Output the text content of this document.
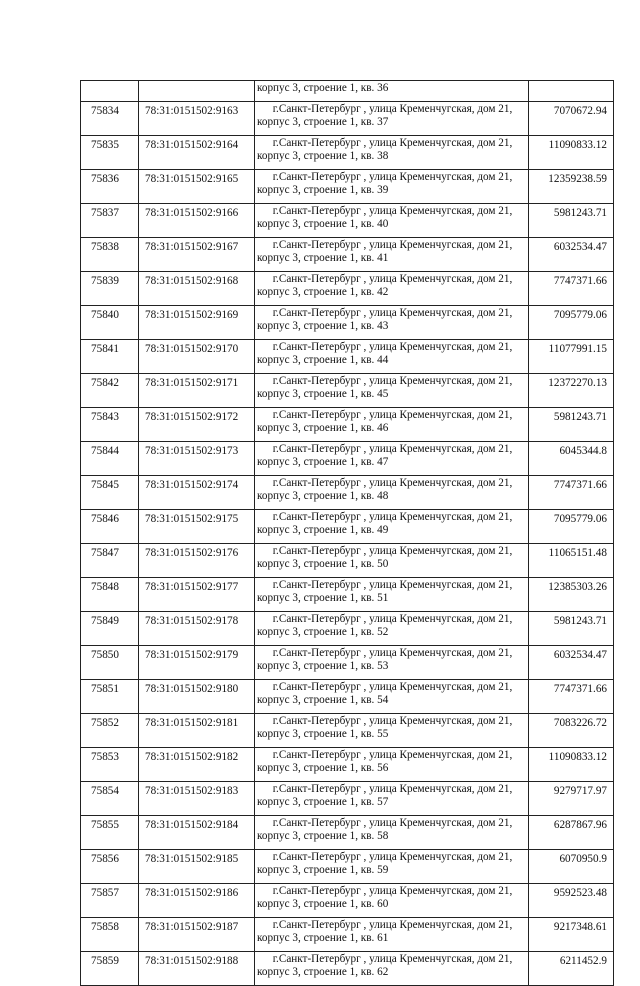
		корпус 3, строение 1, кв. 36	

75834	78:31:0151502:9163	г.Санкт-Петербург , улица Кременчугская, дом 21,
корпус 3, строение 1, кв. 37	7070672.94
75835	78:31:0151502:9164	г.Санкт-Петербург , улица Кременчугская, дом 21,
корпус 3, строение 1, кв. 38	11090833.12
75836	78:31:0151502:9165	г.Санкт-Петербург , улица Кременчугская, дом 21,
корпус 3, строение 1, кв. 39	12359238.59
75837	78:31:0151502:9166	г.Санкт-Петербург , улица Кременчугская, дом 21,
корпус 3, строение 1, кв. 40	5981243.71
75838	78:31:0151502:9167	г.Санкт-Петербург , улица Кременчугская, дом 21,
корпус 3, строение 1, кв. 41	6032534.47
75839	78:31:0151502:9168	г.Санкт-Петербург , улица Кременчугская, дом 21,
корпус 3, строение 1, кв. 42	7747371.66
75840	78:31:0151502:9169	г.Санкт-Петербург , улица Кременчугская, дом 21,
корпус 3, строение 1, кв. 43	7095779.06
75841	78:31:0151502:9170	г.Санкт-Петербург , улица Кременчугская, дом 21,
корпус 3, строение 1, кв. 44	11077991.15
75842	78:31:0151502:9171	г.Санкт-Петербург , улица Кременчугская, дом 21,
корпус 3, строение 1, кв. 45	12372270.13
75843	78:31:0151502:9172	г.Санкт-Петербург , улица Кременчугская, дом 21,
корпус 3, строение 1, кв. 46	5981243.71
75844	78:31:0151502:9173	г.Санкт-Петербург , улица Кременчугская, дом 21,
корпус 3, строение 1, кв. 47	6045344.8
75845	78:31:0151502:9174	г.Санкт-Петербург , улица Кременчугская, дом 21,
корпус 3, строение 1, кв. 48	7747371.66
75846	78:31:0151502:9175	г.Санкт-Петербург , улица Кременчугская, дом 21,
корпус 3, строение 1, кв. 49	7095779.06
75847	78:31:0151502:9176	г.Санкт-Петербург , улица Кременчугская, дом 21,
корпус 3, строение 1, кв. 50	11065151.48
75848	78:31:0151502:9177	г.Санкт-Петербург , улица Кременчугская, дом 21,
корпус 3, строение 1, кв. 51	12385303.26
75849	78:31:0151502:9178	г.Санкт-Петербург , улица Кременчугская, дом 21,
корпус 3, строение 1, кв. 52	5981243.71
75850	78:31:0151502:9179	г.Санкт-Петербург , улица Кременчугская, дом 21,
корпус 3, строение 1, кв. 53	6032534.47
75851	78:31:0151502:9180	г.Санкт-Петербург , улица Кременчугская, дом 21,
корпус 3, строение 1, кв. 54	7747371.66
75852	78:31:0151502:9181	г.Санкт-Петербург , улица Кременчугская, дом 21,
корпус 3, строение 1, кв. 55	7083226.72
75853	78:31:0151502:9182	г.Санкт-Петербург , улица Кременчугская, дом 21,
корпус 3, строение 1, кв. 56	11090833.12
75854	78:31:0151502:9183	г.Санкт-Петербург , улица Кременчугская, дом 21,
корпус 3, строение 1, кв. 57	9279717.97
75855	78:31:0151502:9184	г.Санкт-Петербург , улица Кременчугская, дом 21,
корпус 3, строение 1, кв. 58	6287867.96
75856	78:31:0151502:9185	г.Санкт-Петербург , улица Кременчугская, дом 21,
корпус 3, строение 1, кв. 59	6070950.9
75857	78:31:0151502:9186	г.Санкт-Петербург , улица Кременчугская, дом 21,
корпус 3, строение 1, кв. 60	9592523.48
75858	78:31:0151502:9187	г.Санкт-Петербург , улица Кременчугская, дом 21,
корпус 3, строение 1, кв. 61	9217348.61
75859	78:31:0151502:9188	г.Санкт-Петербург , улица Кременчугская, дом 21,
корпус 3, строение 1, кв. 62	6211452.9
